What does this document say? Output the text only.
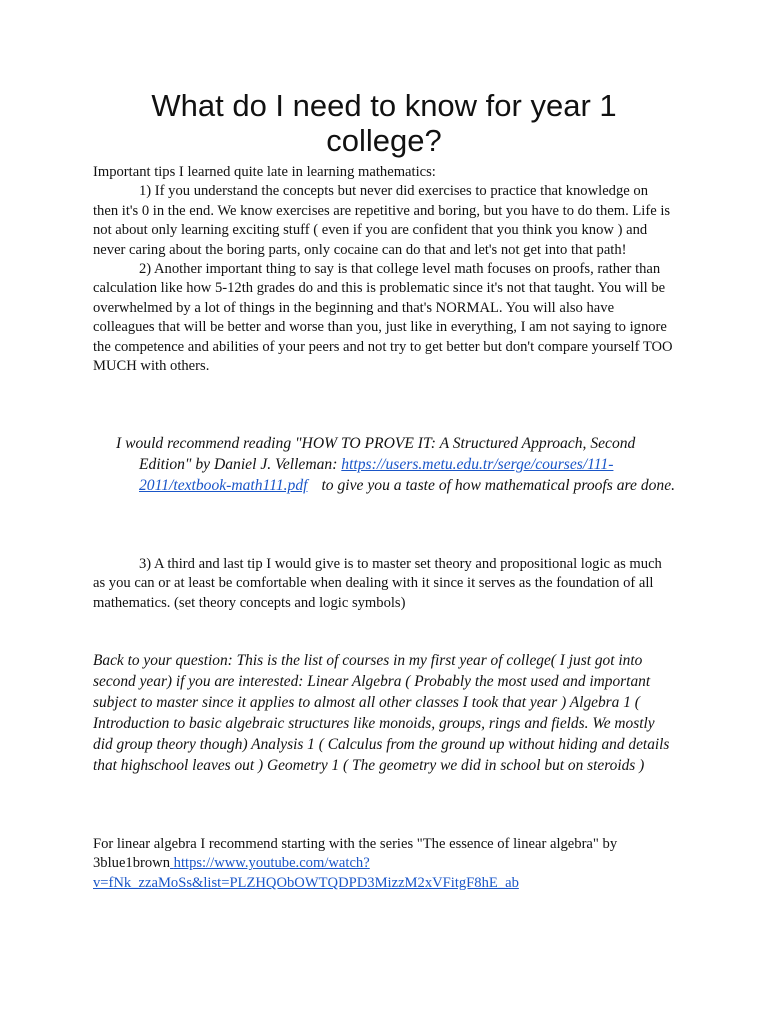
What do I need to know for year 1 college?

Important tips I learned quite late in learning mathematics:

1) If you understand the concepts but never did exercises to practice that knowledge on then it's 0 in the end. We know exercises are repetitive and boring, but you have to do them. Life is not about only learning exciting stuff ( even if you are confident that you think you know ) and never caring about the boring parts, only cocaine can do that and let's not get into that path!

2) Another important thing to say is that college level math focuses on proofs, rather than calculation like how 5-12th grades do and this is problematic since it's not that taught. You will be overwhelmed by a lot of things in the beginning and that's NORMAL. You will also have colleagues that will be better and worse than you, just like in everything, I am not saying to ignore the competence and abilities of your peers and not try to get better but don't compare yourself TOO MUCH with others.

I would recommend reading "HOW TO PROVE IT: A Structured Approach, Second Edition" by Daniel J. Velleman: https://users.metu.edu.tr/serge/courses/111-2011/textbook-math111.pdf to give you a taste of how mathematical proofs are done.

3) A third and last tip I would give is to master set theory and propositional logic as much as you can or at least be comfortable when dealing with it since it serves as the foundation of all mathematics. (set theory concepts and logic symbols)

Back to your question: This is the list of courses in my first year of college( I just got into second year) if you are interested: Linear Algebra ( Probably the most used and important subject to master since it applies to almost all other classes I took that year ) Algebra 1 ( Introduction to basic algebraic structures like monoids, groups, rings and fields. We mostly did group theory though) Analysis 1 ( Calculus from the ground up without hiding and details that highschool leaves out ) Geometry 1 ( The geometry we did in school but on steroids )

For linear algebra I recommend starting with the series "The essence of linear algebra" by 3blue1brown https://www.youtube.com/watch?
v=fNk_zzaMoSs&list=PLZHQObOWTQDPD3MizzM2xVFitgF8hE_ab
